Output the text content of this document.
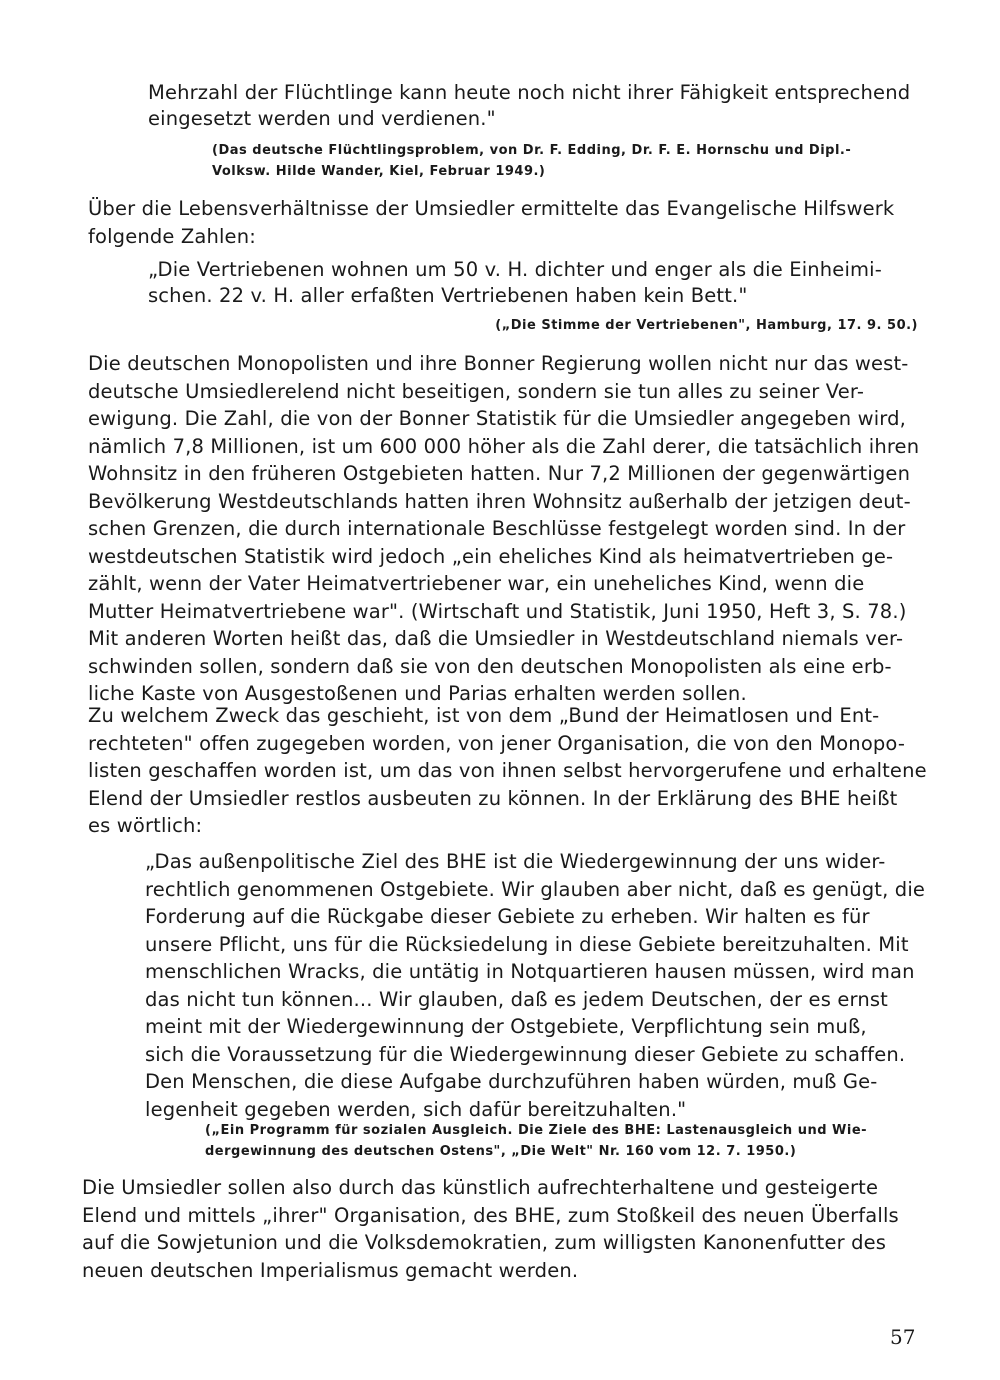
Mehrzahl der Flüchtlinge kann heute noch nicht ihrer Fähigkeit entsprechend
eingesetzt werden und verdienen."
(Das deutsche Flüchtlingsproblem, von Dr. F. Edding, Dr. F. E. Hornschu und Dipl.-
Volksw. Hilde Wander, Kiel, Februar 1949.)
Über die Lebensverhältnisse der Umsiedler ermittelte das Evangelische Hilfswerk
folgende Zahlen:
„Die Vertriebenen wohnen um 50 v. H. dichter und enger als die Einheimi-
schen. 22 v. H. aller erfaßten Vertriebenen haben kein Bett."
(„Die Stimme der Vertriebenen", Hamburg, 17. 9. 50.)
Die deutschen Monopolisten und ihre Bonner Regierung wollen nicht nur das west-
deutsche Umsiedlerelend nicht beseitigen, sondern sie tun alles zu seiner Ver-
ewigung. Die Zahl, die von der Bonner Statistik für die Umsiedler angegeben wird,
nämlich 7,8 Millionen, ist um 600 000 höher als die Zahl derer, die tatsächlich ihren
Wohnsitz in den früheren Ostgebieten hatten. Nur 7,2 Millionen der gegenwärtigen
Bevölkerung Westdeutschlands hatten ihren Wohnsitz außerhalb der jetzigen deut-
schen Grenzen, die durch internationale Beschlüsse festgelegt worden sind. In der
westdeutschen Statistik wird jedoch „ein eheliches Kind als heimatvertrieben ge-
zählt, wenn der Vater Heimatvertriebener war, ein uneheliches Kind, wenn die
Mutter Heimatvertriebene war". (Wirtschaft und Statistik, Juni 1950, Heft 3, S. 78.)
Mit anderen Worten heißt das, daß die Umsiedler in Westdeutschland niemals ver-
schwinden sollen, sondern daß sie von den deutschen Monopolisten als eine erb-
liche Kaste von Ausgestoßenen und Parias erhalten werden sollen.
Zu welchem Zweck das geschieht, ist von dem „Bund der Heimatlosen und Ent-
rechteten" offen zugegeben worden, von jener Organisation, die von den Monopo-
listen geschaffen worden ist, um das von ihnen selbst hervorgerufene und erhaltene
Elend der Umsiedler restlos ausbeuten zu können. In der Erklärung des BHE heißt
es wörtlich:
„Das außenpolitische Ziel des BHE ist die Wiedergewinnung der uns wider-
rechtlich genommenen Ostgebiete. Wir glauben aber nicht, daß es genügt, die
Forderung auf die Rückgabe dieser Gebiete zu erheben. Wir halten es für
unsere Pflicht, uns für die Rücksiedelung in diese Gebiete bereitzuhalten. Mit
menschlichen Wracks, die untätig in Notquartieren hausen müssen, wird man
das nicht tun können... Wir glauben, daß es jedem Deutschen, der es ernst
meint mit der Wiedergewinnung der Ostgebiete, Verpflichtung sein muß,
sich die Voraussetzung für die Wiedergewinnung dieser Gebiete zu schaffen.
Den Menschen, die diese Aufgabe durchzuführen haben würden, muß Ge-
legenheit gegeben werden, sich dafür bereitzuhalten."
(„Ein Programm für sozialen Ausgleich. Die Ziele des BHE: Lastenausgleich und Wie-
dergewinnung des deutschen Ostens", „Die Welt" Nr. 160 vom 12. 7. 1950.)
Die Umsiedler sollen also durch das künstlich aufrechterhaltene und gesteigerte
Elend und mittels „ihrer" Organisation, des BHE, zum Stoßkeil des neuen Überfalls
auf die Sowjetunion und die Volksdemokratien, zum willigsten Kanonenfutter des
neuen deutschen Imperialismus gemacht werden.
57
